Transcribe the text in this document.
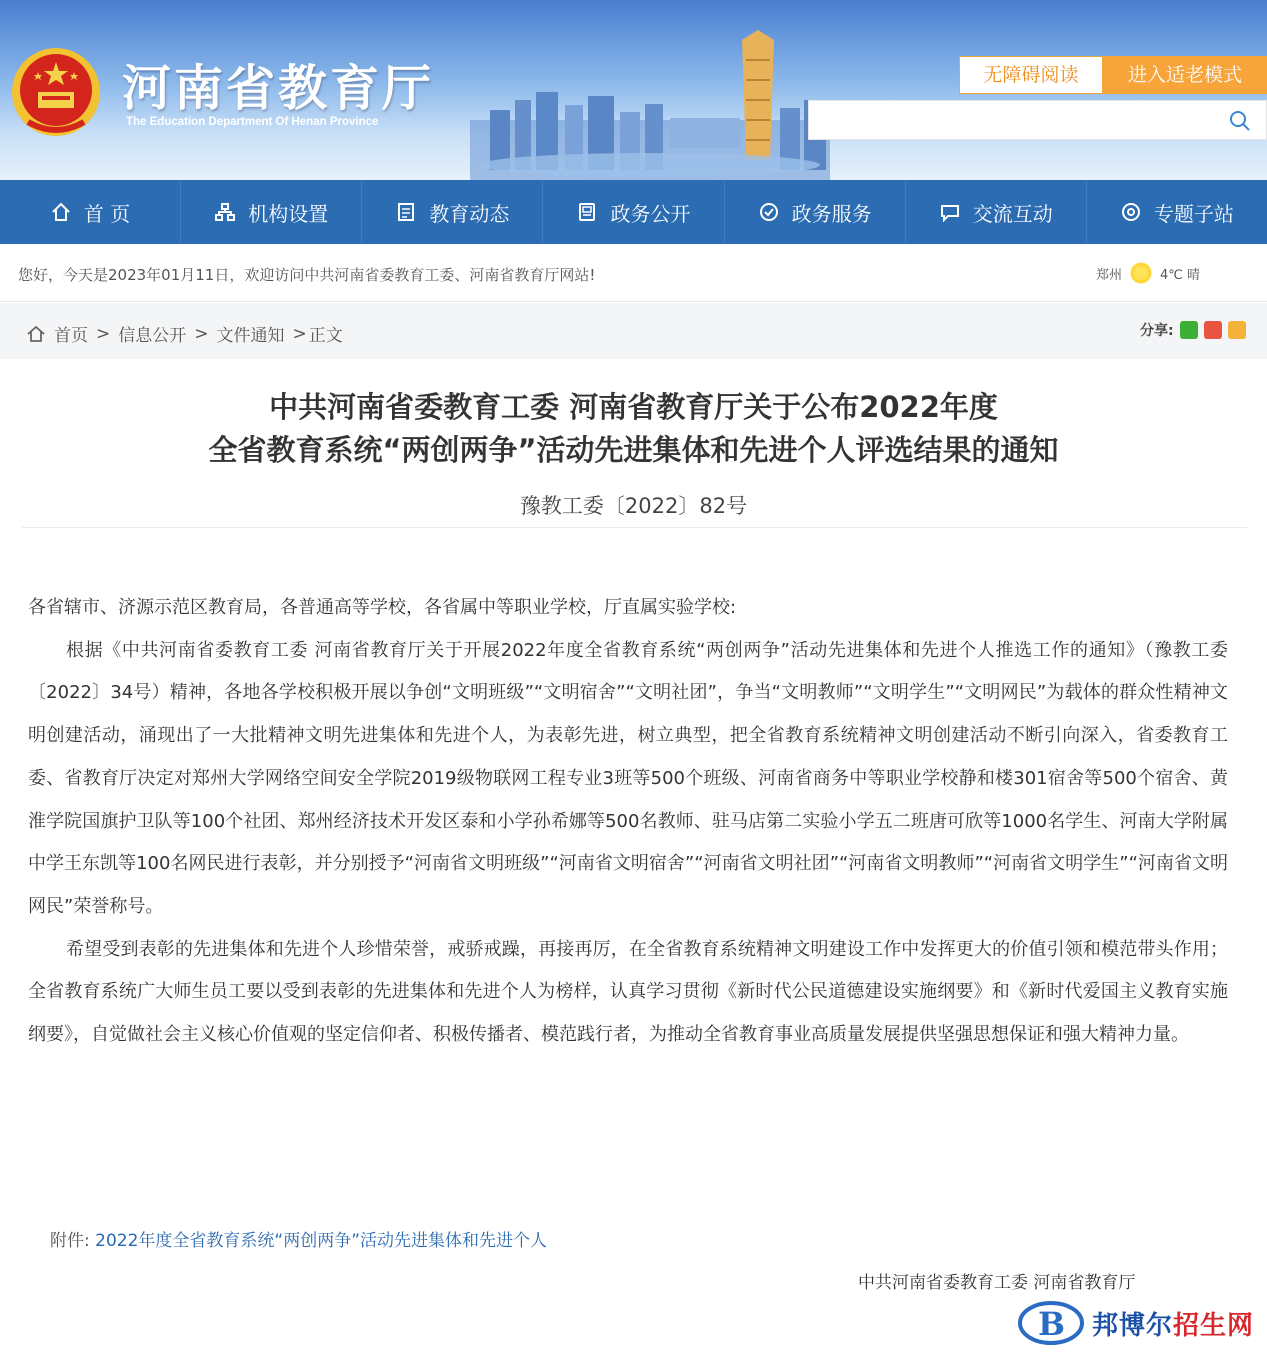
河南省教育厅
The Education Department Of Henan Province
无障碍阅读	进入适老模式
首 页	机构设置	教育动态	政务公开	政务服务	交流互动	专题子站
您好，今天是2023年01月11日，欢迎访问中共河南省委教育工委、河南省教育厅网站!	郑州	4℃ 晴
首页 > 信息公开 > 文件通知 > 正文	分享:
中共河南省委教育工委 河南省教育厅关于公布2022年度
全省教育系统“两创两争”活动先进集体和先进个人评选结果的通知
豫教工委〔2022〕82号

各省辖市、济源示范区教育局，各普通高等学校，各省属中等职业学校，厅直属实验学校:

根据《中共河南省委教育工委 河南省教育厅关于开展2022年度全省教育系统“两创两争”活动先进集体和先进个人推选工作的通知》（豫教工委〔2022〕34号）精神，各地各学校积极开展以争创“文明班级”“文明宿舍”“文明社团”，争当“文明教师”“文明学生”“文明网民”为载体的群众性精神文明创建活动，涌现出了一大批精神文明先进集体和先进个人，为表彰先进，树立典型，把全省教育系统精神文明创建活动不断引向深入，省委教育工委、省教育厅决定对郑州大学网络空间安全学院2019级物联网工程专业3班等500个班级、河南省商务中等职业学校静和楼301宿舍等500个宿舍、黄淮学院国旗护卫队等100个社团、郑州经济技术开发区泰和小学孙希娜等500名教师、驻马店第二实验小学五二班唐可欣等1000名学生、河南大学附属中学王东凯等100名网民进行表彰，并分别授予“河南省文明班级”“河南省文明宿舍”“河南省文明社团”“河南省文明教师”“河南省文明学生”“河南省文明网民”荣誉称号。

希望受到表彰的先进集体和先进个人珍惜荣誉，戒骄戒躁，再接再厉，在全省教育系统精神文明建设工作中发挥更大的价值引领和模范带头作用；全省教育系统广大师生员工要以受到表彰的先进集体和先进个人为榜样，认真学习贯彻《新时代公民道德建设实施纲要》和《新时代爱国主义教育实施纲要》，自觉做社会主义核心价值观的坚定信仰者、积极传播者、模范践行者，为推动全省教育事业高质量发展提供坚强思想保证和强大精神力量。

附件: 2022年度全省教育系统“两创两争”活动先进集体和先进个人
中共河南省委教育工委 河南省教育厅
B 邦博尔招生网
